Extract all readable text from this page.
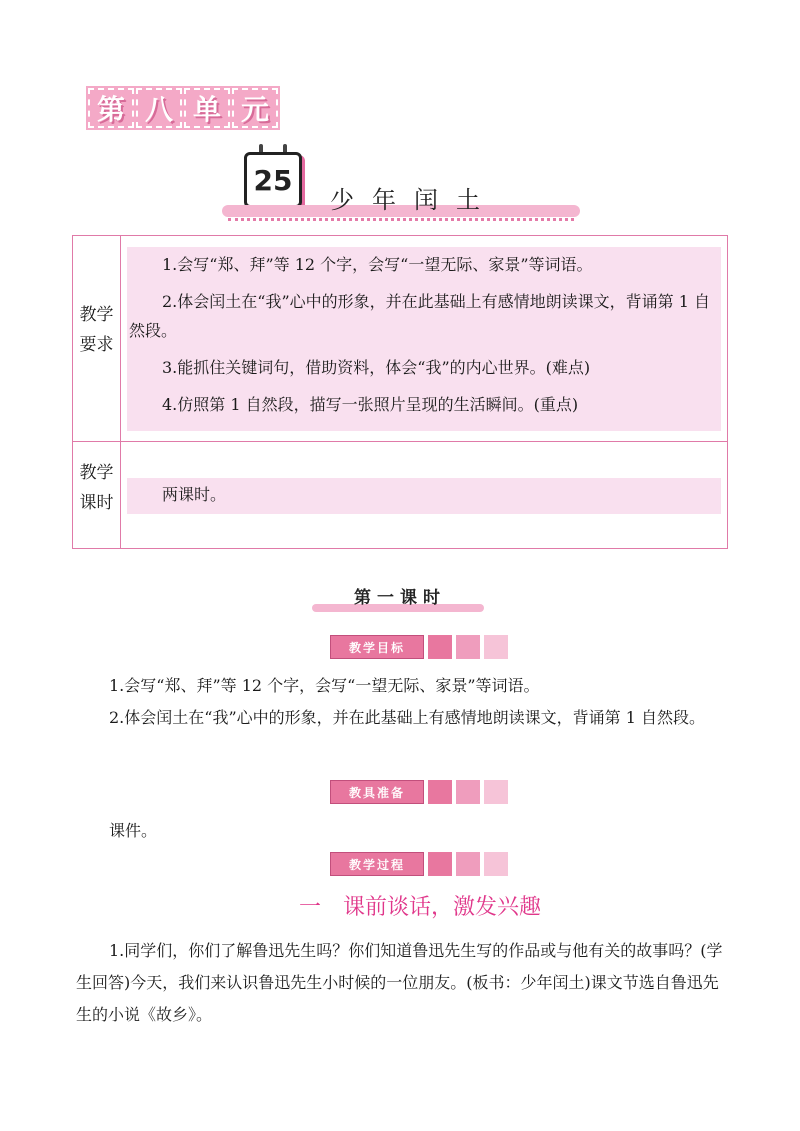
第 八 单 元
25
少年闰土
教学
要求

1.会写“郑、拜”等 12 个字，会写“一望无际、家景”等词语。

2.体会闰土在“我”心中的形象，并在此基础上有感情地朗读课文，背诵第 1 自然段。

3.能抓住关键词句，借助资料，体会“我”的内心世界。(难点)

4.仿照第 1 自然段，描写一张照片呈现的生活瞬间。(重点)

教学
课时	两课时。
第一课时
教学目标

1.会写“郑、拜”等 12 个字，会写“一望无际、家景”等词语。

2.体会闰土在“我”心中的形象，并在此基础上有感情地朗读课文，背诵第 1 自然段。

教具准备

课件。

教学过程
一　课前谈话，激发兴趣

1.同学们，你们了解鲁迅先生吗？你们知道鲁迅先生写的作品或与他有关的故事吗？(学生回答)今天，我们来认识鲁迅先生小时候的一位朋友。(板书：少年闰土)课文节选自鲁迅先生的小说《故乡》。
